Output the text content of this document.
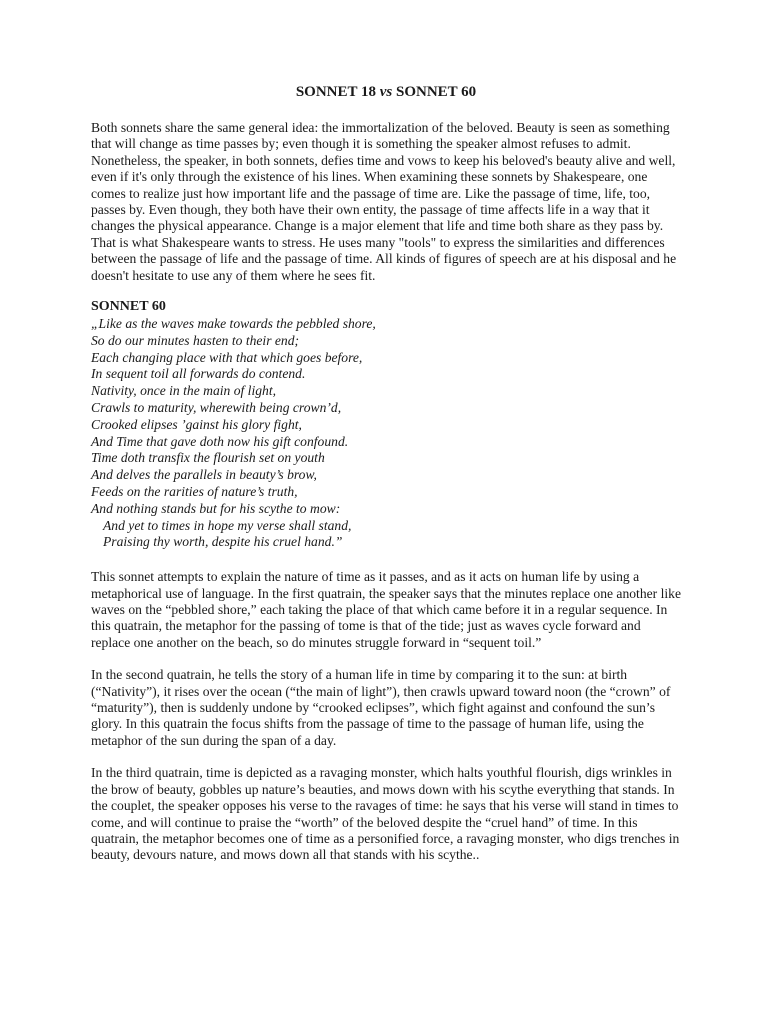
SONNET 18 vs SONNET 60

Both sonnets share the same general idea: the immortalization of the beloved. Beauty is seen as something that will change as time passes by; even though it is something the speaker almost refuses to admit. Nonetheless, the speaker, in both sonnets, defies time and vows to keep his beloved's beauty alive and well, even if it's only through the existence of his lines. When examining these sonnets by Shakespeare, one comes to realize just how important life and the passage of time are. Like the passage of time, life, too, passes by. Even though, they both have their own entity, the passage of time affects life in a way that it changes the physical appearance. Change is a major element that life and time both share as they pass by. That is what Shakespeare wants to stress. He uses many "tools" to express the similarities and differences between the passage of life and the passage of time. All kinds of figures of speech are at his disposal and he doesn't hesitate to use any of them where he sees fit.

SONNET 60
„Like as the waves make towards the pebbled shore,
So do our minutes hasten to their end;
Each changing place with that which goes before,
In sequent toil all forwards do contend.
Nativity, once in the main of light,
Crawls to maturity, wherewith being crown’d,
Crooked elipses ’gainst his glory fight,
And Time that gave doth now his gift confound.
Time doth transfix the flourish set on youth
And delves the parallels in beauty’s brow,
Feeds on the rarities of nature’s truth,
And nothing stands but for his scythe to mow:
And yet to times in hope my verse shall stand,
Praising thy worth, despite his cruel hand.”

This sonnet attempts to explain the nature of time as it passes, and as it acts on human life by using a metaphorical use of language. In the first quatrain, the speaker says that the minutes replace one another like waves on the “pebbled shore,” each taking the place of that which came before it in a regular sequence. In this quatrain, the metaphor for the passing of tome is that of the tide; just as waves cycle forward and replace one another on the beach, so do minutes struggle forward in “sequent toil.”

In the second quatrain, he tells the story of a human life in time by comparing it to the sun: at birth (“Nativity”), it rises over the ocean (“the main of light”), then crawls upward toward noon (the “crown” of “maturity”), then is suddenly undone by “crooked eclipses”, which fight against and confound the sun’s glory. In this quatrain the focus shifts from the passage of time to the passage of human life, using the metaphor of the sun during the span of a day.

In the third quatrain, time is depicted as a ravaging monster, which halts youthful flourish, digs wrinkles in the brow of beauty, gobbles up nature’s beauties, and mows down with his scythe everything that stands. In the couplet, the speaker opposes his verse to the ravages of time: he says that his verse will stand in times to come, and will continue to praise the “worth” of the beloved despite the “cruel hand” of time. In this quatrain, the metaphor becomes one of time as a personified force, a ravaging monster, who digs trenches in beauty, devours nature, and mows down all that stands with his scythe..
